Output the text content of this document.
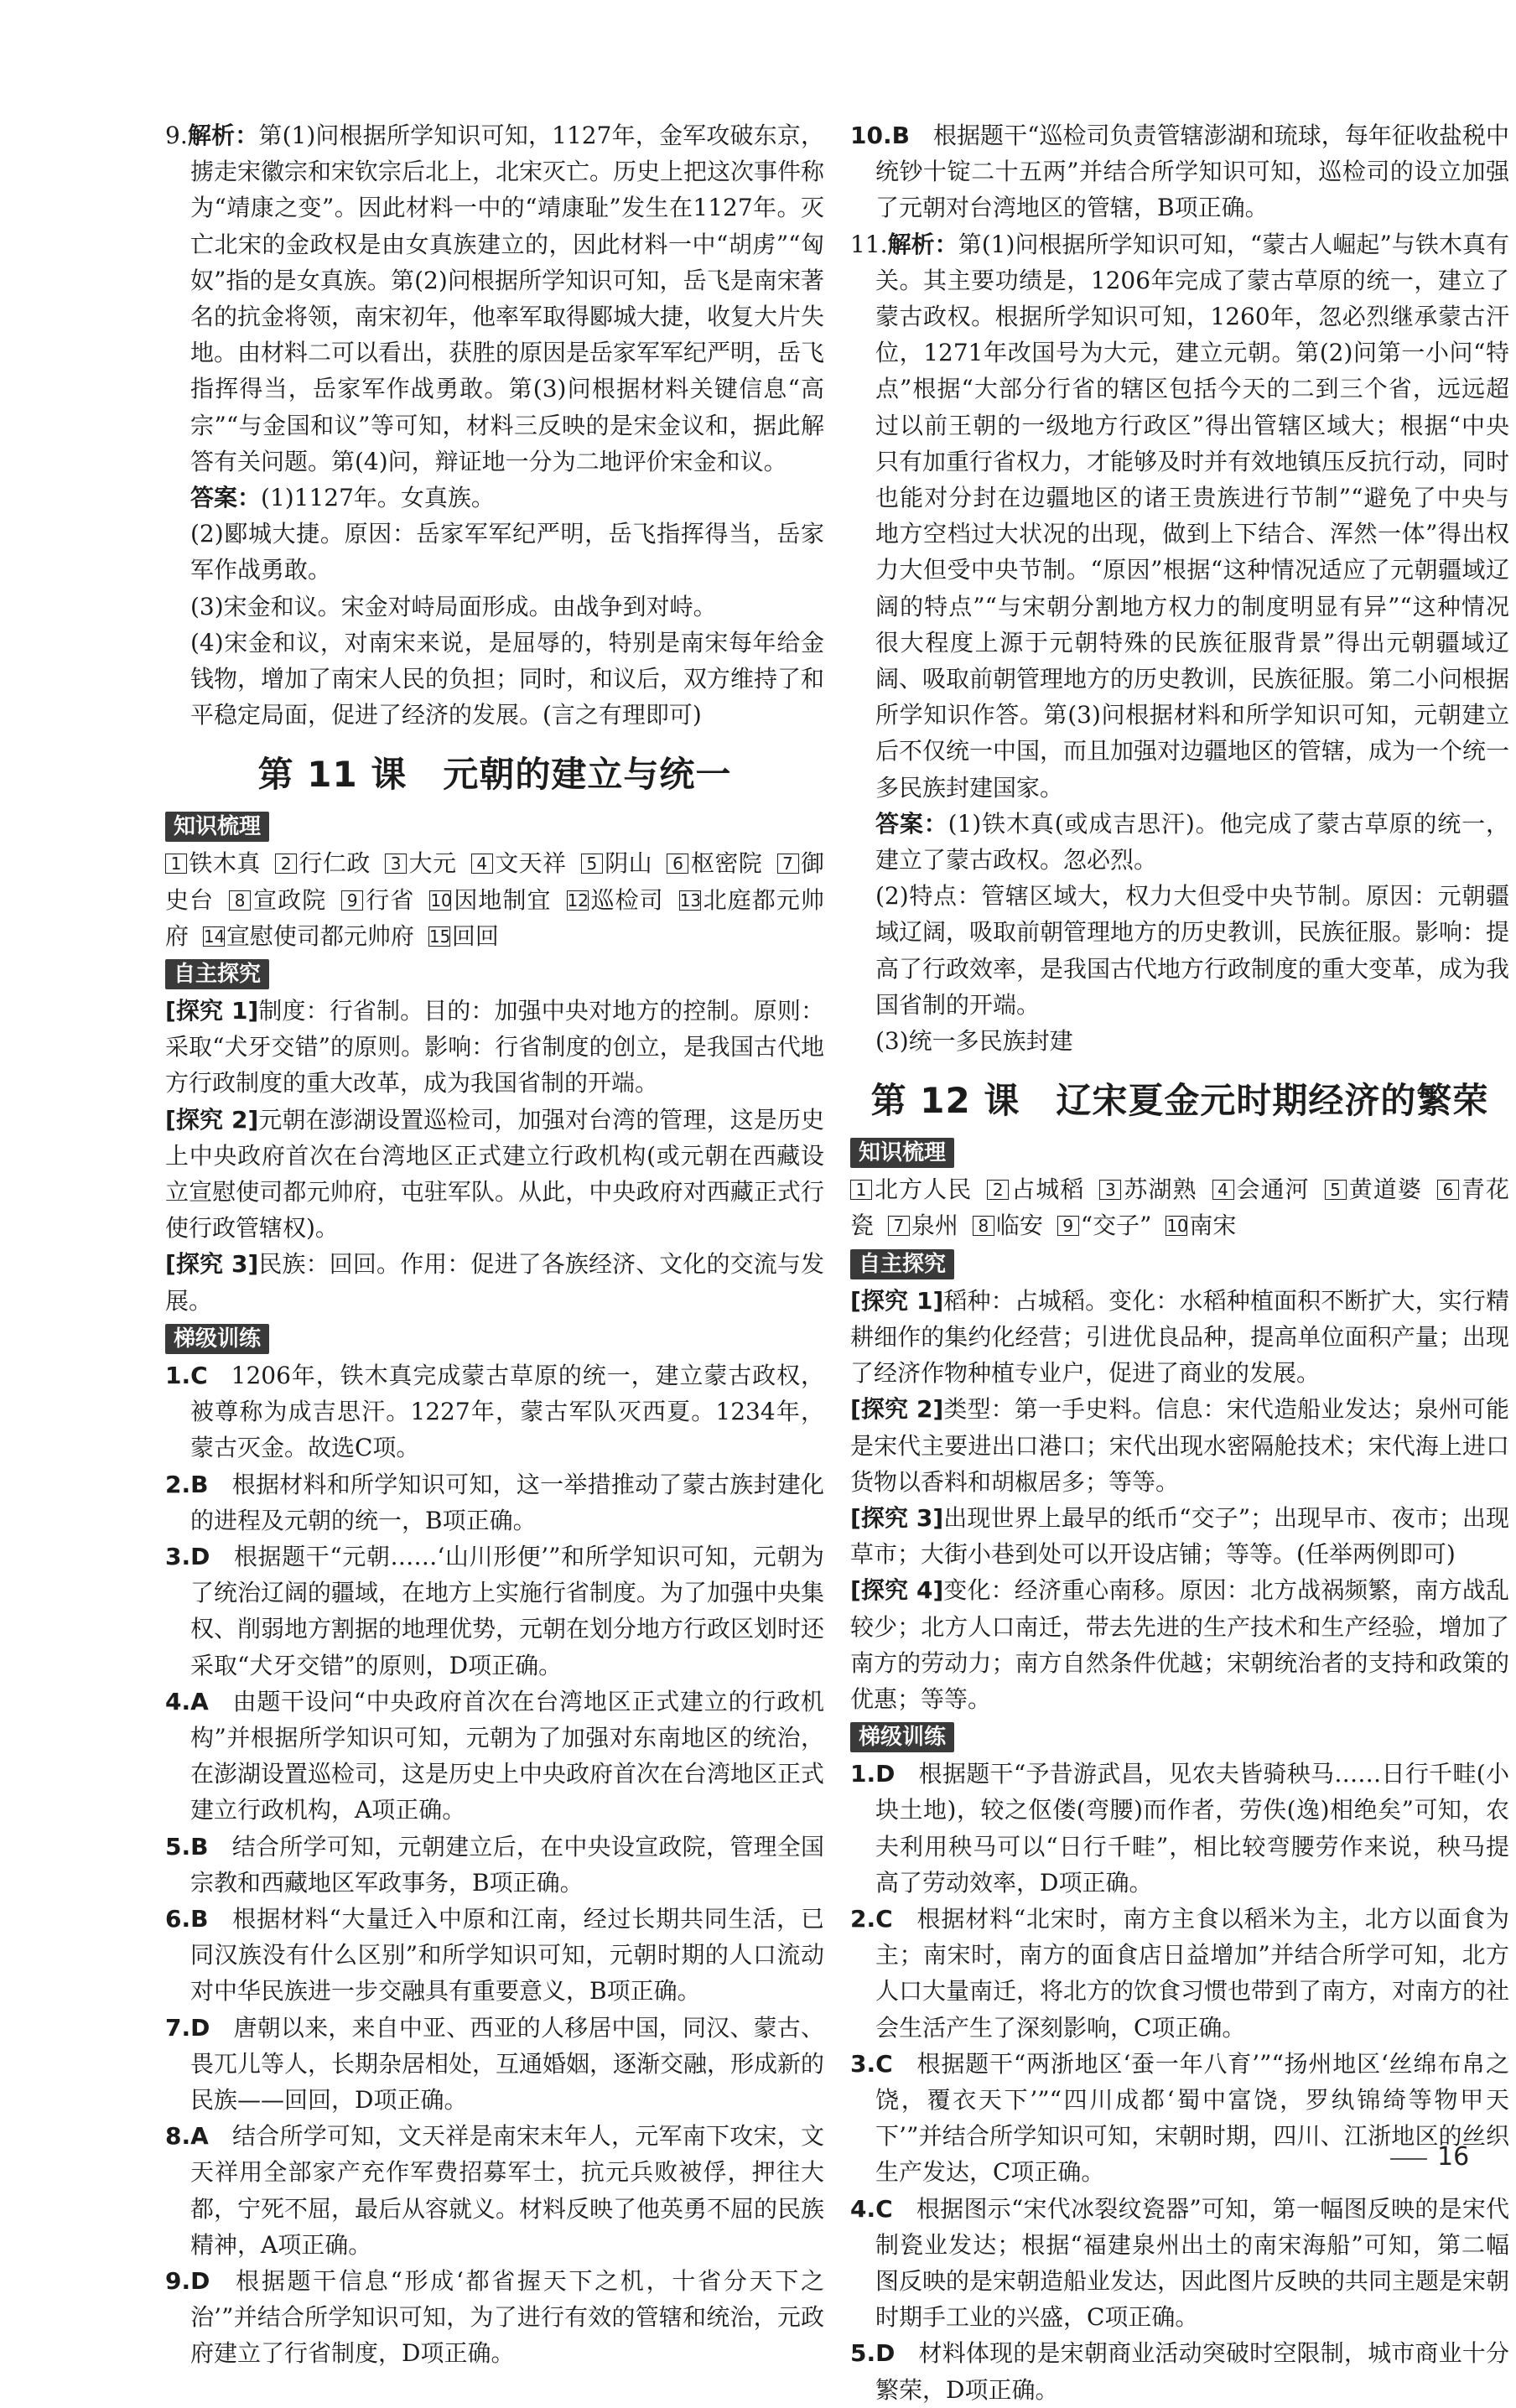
9.解析：第(1)问根据所学知识可知，1127年，金军攻破东京，掳走宋徽宗和宋钦宗后北上，北宋灭亡。历史上把这次事件称为“靖康之变”。因此材料一中的“靖康耻”发生在1127年。灭亡北宋的金政权是由女真族建立的，因此材料一中“胡虏”“匈奴”指的是女真族。第(2)问根据所学知识可知，岳飞是南宋著名的抗金将领，南宋初年，他率军取得郾城大捷，收复大片失地。由材料二可以看出，获胜的原因是岳家军军纪严明，岳飞指挥得当，岳家军作战勇敢。第(3)问根据材料关键信息“高宗”“与金国和议”等可知，材料三反映的是宋金议和，据此解答有关问题。第(4)问，辩证地一分为二地评价宋金和议。

答案：(1)1127年。女真族。

(2)郾城大捷。原因：岳家军军纪严明，岳飞指挥得当，岳家军作战勇敢。

(3)宋金和议。宋金对峙局面形成。由战争到对峙。

(4)宋金和议，对南宋来说，是屈辱的，特别是南宋每年给金钱物，增加了南宋人民的负担；同时，和议后，双方维持了和平稳定局面，促进了经济的发展。(言之有理即可)

第 11 课　元朝的建立与统一
知识梳理

1 铁木真 2 行仁政 3 大元 4 文天祥 5 阴山 6 枢密院 7 御史台 8 宣政院 9 行省 10因地制宜 12巡检司 13北庭都元帅府 14宣慰使司都元帅府 15回回

自主探究

[探究 1]制度：行省制。目的：加强中央对地方的控制。原则：采取“犬牙交错”的原则。影响：行省制度的创立，是我国古代地方行政制度的重大改革，成为我国省制的开端。

[探究 2]元朝在澎湖设置巡检司，加强对台湾的管理，这是历史上中央政府首次在台湾地区正式建立行政机构(或元朝在西藏设立宣慰使司都元帅府，屯驻军队。从此，中央政府对西藏正式行使行政管辖权)。

[探究 3]民族：回回。作用：促进了各族经济、文化的交流与发展。

梯级训练

1.C  1206年，铁木真完成蒙古草原的统一，建立蒙古政权，被尊称为成吉思汗。1227年，蒙古军队灭西夏。1234年，蒙古灭金。故选C项。

2.B  根据材料和所学知识可知，这一举措推动了蒙古族封建化的进程及元朝的统一，B项正确。

3.D  根据题干“元朝……‘山川形便’”和所学知识可知，元朝为了统治辽阔的疆域，在地方上实施行省制度。为了加强中央集权、削弱地方割据的地理优势，元朝在划分地方行政区划时还采取“犬牙交错”的原则，D项正确。

4.A  由题干设问“中央政府首次在台湾地区正式建立的行政机构”并根据所学知识可知，元朝为了加强对东南地区的统治，在澎湖设置巡检司，这是历史上中央政府首次在台湾地区正式建立行政机构，A项正确。

5.B  结合所学可知，元朝建立后，在中央设宣政院，管理全国宗教和西藏地区军政事务，B项正确。

6.B  根据材料“大量迁入中原和江南，经过长期共同生活，已同汉族没有什么区别”和所学知识可知，元朝时期的人口流动对中华民族进一步交融具有重要意义，B项正确。

7.D  唐朝以来，来自中亚、西亚的人移居中国，同汉、蒙古、畏兀儿等人，长期杂居相处，互通婚姻，逐渐交融，形成新的民族——回回，D项正确。

8.A  结合所学可知，文天祥是南宋末年人，元军南下攻宋，文天祥用全部家产充作军费招募军士，抗元兵败被俘，押往大都，宁死不屈，最后从容就义。材料反映了他英勇不屈的民族精神，A项正确。

9.D  根据题干信息“形成‘都省握天下之机，十省分天下之治’”并结合所学知识可知，为了进行有效的管辖和统治，元政府建立了行省制度，D项正确。

10.B  根据题干“巡检司负责管辖澎湖和琉球，每年征收盐税中统钞十锭二十五两”并结合所学知识可知，巡检司的设立加强了元朝对台湾地区的管辖，B项正确。

11.解析：第(1)问根据所学知识可知，“蒙古人崛起”与铁木真有关。其主要功绩是，1206年完成了蒙古草原的统一，建立了蒙古政权。根据所学知识可知，1260年，忽必烈继承蒙古汗位，1271年改国号为大元，建立元朝。第(2)问第一小问“特点”根据“大部分行省的辖区包括今天的二到三个省，远远超过以前王朝的一级地方行政区”得出管辖区域大；根据“中央只有加重行省权力，才能够及时并有效地镇压反抗行动，同时也能对分封在边疆地区的诸王贵族进行节制”“避免了中央与地方空档过大状况的出现，做到上下结合、浑然一体”得出权力大但受中央节制。“原因”根据“这种情况适应了元朝疆域辽阔的特点”“与宋朝分割地方权力的制度明显有异”“这种情况很大程度上源于元朝特殊的民族征服背景”得出元朝疆域辽阔、吸取前朝管理地方的历史教训，民族征服。第二小问根据所学知识作答。第(3)问根据材料和所学知识可知，元朝建立后不仅统一中国，而且加强对边疆地区的管辖，成为一个统一多民族封建国家。

答案：(1)铁木真(或成吉思汗)。他完成了蒙古草原的统一，建立了蒙古政权。忽必烈。

(2)特点：管辖区域大，权力大但受中央节制。原因：元朝疆域辽阔，吸取前朝管理地方的历史教训，民族征服。影响：提高了行政效率，是我国古代地方行政制度的重大变革，成为我国省制的开端。

(3)统一多民族封建

第 12 课　辽宋夏金元时期经济的繁荣
知识梳理

1 北方人民 2 占城稻 3 苏湖熟 4 会通河 5 黄道婆 6 青花瓷 7 泉州 8 临安 9 “交子” 10南宋

自主探究

[探究 1]稻种：占城稻。变化：水稻种植面积不断扩大，实行精耕细作的集约化经营；引进优良品种，提高单位面积产量；出现了经济作物种植专业户，促进了商业的发展。

[探究 2]类型：第一手史料。信息：宋代造船业发达；泉州可能是宋代主要进出口港口；宋代出现水密隔舱技术；宋代海上进口货物以香料和胡椒居多；等等。

[探究 3]出现世界上最早的纸币“交子”；出现早市、夜市；出现草市；大街小巷到处可以开设店铺；等等。(任举两例即可)

[探究 4]变化：经济重心南移。原因：北方战祸频繁，南方战乱较少；北方人口南迁，带去先进的生产技术和生产经验，增加了南方的劳动力；南方自然条件优越；宋朝统治者的支持和政策的优惠；等等。

梯级训练

1.D  根据题干“予昔游武昌，见农夫皆骑秧马……日行千畦(小块土地)，较之伛偻(弯腰)而作者，劳佚(逸)相绝矣”可知，农夫利用秧马可以“日行千畦”，相比较弯腰劳作来说，秧马提高了劳动效率，D项正确。

2.C  根据材料“北宋时，南方主食以稻米为主，北方以面食为主；南宋时，南方的面食店日益增加”并结合所学可知，北方人口大量南迁，将北方的饮食习惯也带到了南方，对南方的社会生活产生了深刻影响，C项正确。

3.C  根据题干“两浙地区‘蚕一年八育’”“扬州地区‘丝绵布帛之饶，覆衣天下’”“四川成都‘蜀中富饶，罗纨锦绮等物甲天下’”并结合所学知识可知，宋朝时期，四川、江浙地区的丝织生产发达，C项正确。

4.C  根据图示“宋代冰裂纹瓷器”可知，第一幅图反映的是宋代制瓷业发达；根据“福建泉州出土的南宋海船”可知，第二幅图反映的是宋朝造船业发达，因此图片反映的共同主题是宋朝时期手工业的兴盛，C项正确。

5.D  材料体现的是宋朝商业活动突破时空限制，城市商业十分繁荣，D项正确。

16
